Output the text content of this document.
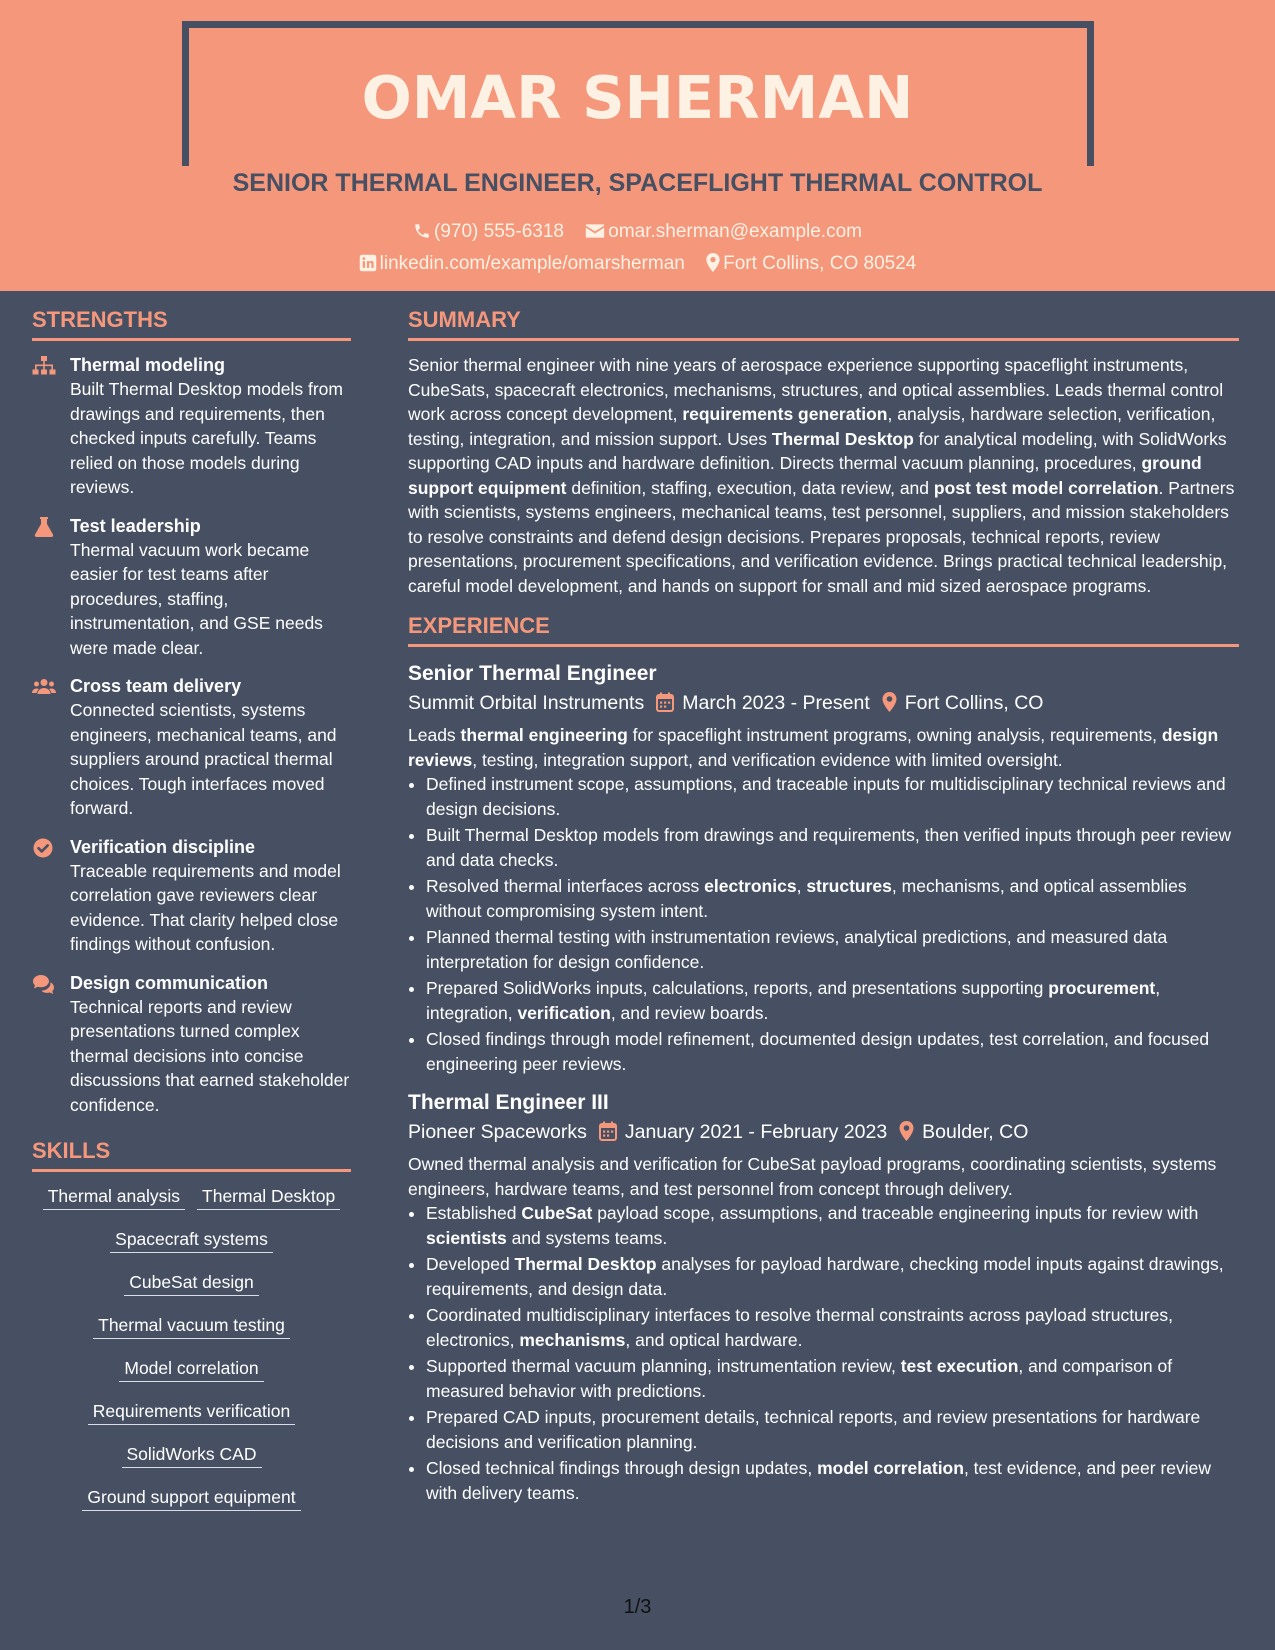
OMAR SHERMAN
SENIOR THERMAL ENGINEER, SPACEFLIGHT THERMAL CONTROL
(970) 555-6318 omar.sherman@example.com
linkedin.com/example/omarsherman Fort Collins, CO 80524
STRENGTHS
Thermal modeling
Built Thermal Desktop models from drawings and requirements, then checked inputs carefully. Teams relied on those models during reviews.
Test leadership
Thermal vacuum work became easier for test teams after procedures, staffing, instrumentation, and GSE needs were made clear.
Cross team delivery
Connected scientists, systems engineers, mechanical teams, and suppliers around practical thermal choices. Tough interfaces moved forward.
Verification discipline
Traceable requirements and model correlation gave reviewers clear evidence. That clarity helped close findings without confusion.
Design communication
Technical reports and review presentations turned complex thermal decisions into concise discussions that earned stakeholder confidence.
SKILLS
Thermal analysis Thermal Desktop
Spacecraft systems
CubeSat design
Thermal vacuum testing
Model correlation
Requirements verification
SolidWorks CAD
Ground support equipment
SUMMARY
Senior thermal engineer with nine years of aerospace experience supporting spaceflight instruments, CubeSats, spacecraft electronics, mechanisms, structures, and optical assemblies. Leads thermal control work across concept development, requirements generation, analysis, hardware selection, verification, testing, integration, and mission support. Uses Thermal Desktop for analytical modeling, with SolidWorks supporting CAD inputs and hardware definition. Directs thermal vacuum planning, procedures, ground support equipment definition, staffing, execution, data review, and post test model correlation. Partners with scientists, systems engineers, mechanical teams, test personnel, suppliers, and mission stakeholders to resolve constraints and defend design decisions. Prepares proposals, technical reports, review presentations, procurement specifications, and verification evidence. Brings practical technical leadership, careful model development, and hands on support for small and mid sized aerospace programs.
EXPERIENCE
Senior Thermal Engineer
Summit Orbital Instruments March 2023 - Present Fort Collins, CO
Leads thermal engineering for spaceflight instrument programs, owning analysis, requirements, design reviews, testing, integration support, and verification evidence with limited oversight.
• Defined instrument scope, assumptions, and traceable inputs for multidisciplinary technical reviews and design decisions.
• Built Thermal Desktop models from drawings and requirements, then verified inputs through peer review and data checks.
• Resolved thermal interfaces across electronics, structures, mechanisms, and optical assemblies without compromising system intent.
• Planned thermal testing with instrumentation reviews, analytical predictions, and measured data interpretation for design confidence.
• Prepared SolidWorks inputs, calculations, reports, and presentations supporting procurement, integration, verification, and review boards.
• Closed findings through model refinement, documented design updates, test correlation, and focused engineering peer reviews.
Thermal Engineer III
Pioneer Spaceworks January 2021 - February 2023 Boulder, CO
Owned thermal analysis and verification for CubeSat payload programs, coordinating scientists, systems engineers, hardware teams, and test personnel from concept through delivery.
• Established CubeSat payload scope, assumptions, and traceable engineering inputs for review with scientists and systems teams.
• Developed Thermal Desktop analyses for payload hardware, checking model inputs against drawings, requirements, and design data.
• Coordinated multidisciplinary interfaces to resolve thermal constraints across payload structures, electronics, mechanisms, and optical hardware.
• Supported thermal vacuum planning, instrumentation review, test execution, and comparison of measured behavior with predictions.
• Prepared CAD inputs, procurement details, technical reports, and review presentations for hardware decisions and verification planning.
• Closed technical findings through design updates, model correlation, test evidence, and peer review with delivery teams.
1/3
